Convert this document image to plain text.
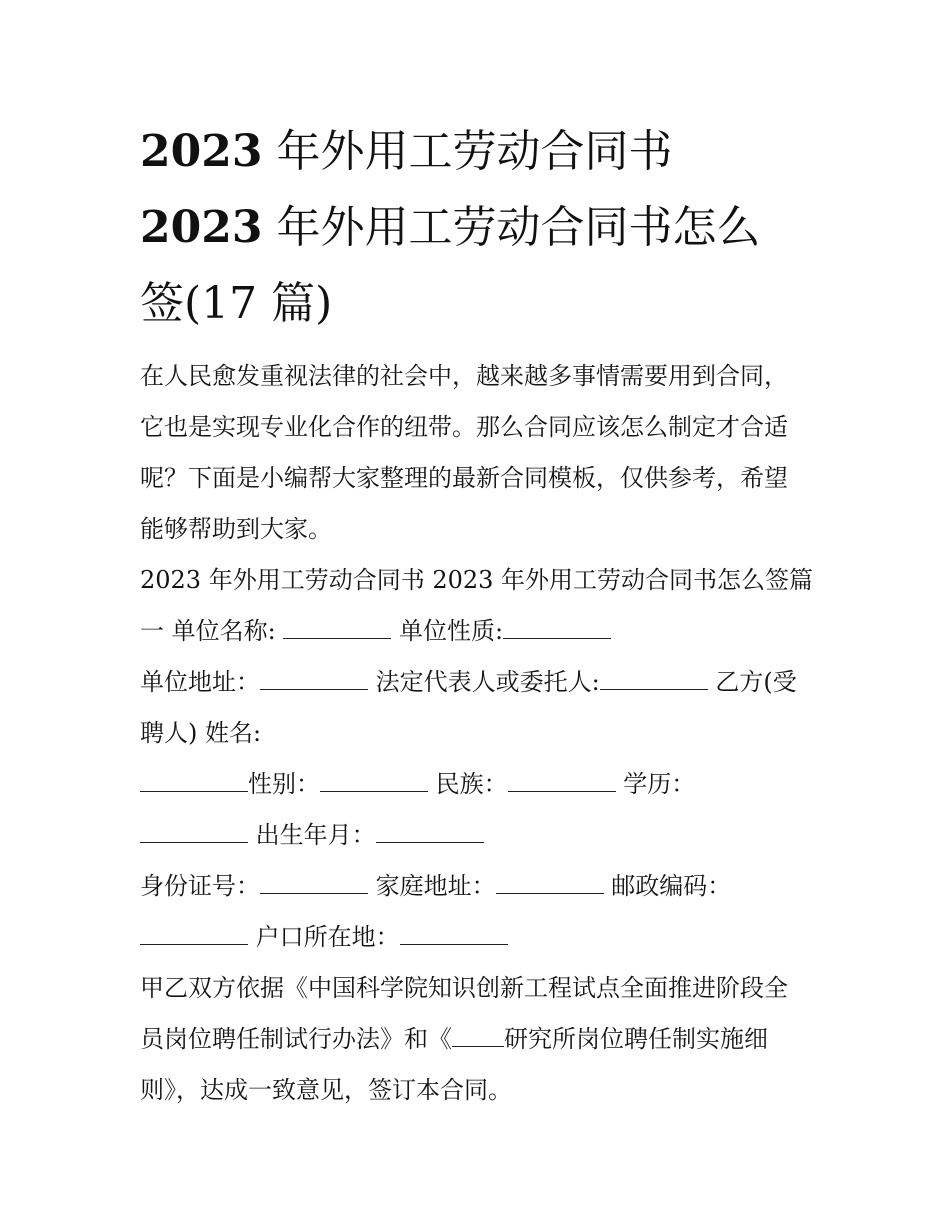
2023 年外用工劳动合同书
2023 年外用工劳动合同书怎么
签(17 篇)
在人民愈发重视法律的社会中，越来越多事情需要用到合同，
它也是实现专业化合作的纽带。那么合同应该怎么制定才合适
呢？下面是小编帮大家整理的最新合同模板，仅供参考，希望
能够帮助到大家。
2023 年外用工劳动合同书 2023 年外用工劳动合同书怎么签篇
一 单位名称:	单位性质:
单位地址：	法定代表人或委托人:	乙方(受
聘人) 姓名:
性别：	民族：	学历：
出生年月：
身份证号：	家庭地址：	邮政编码：
户口所在地：
甲乙双方依据《中国科学院知识创新工程试点全面推进阶段全
员岗位聘任制试行办法》和《 研究所岗位聘任制实施细
则》，达成一致意见，签订本合同。
